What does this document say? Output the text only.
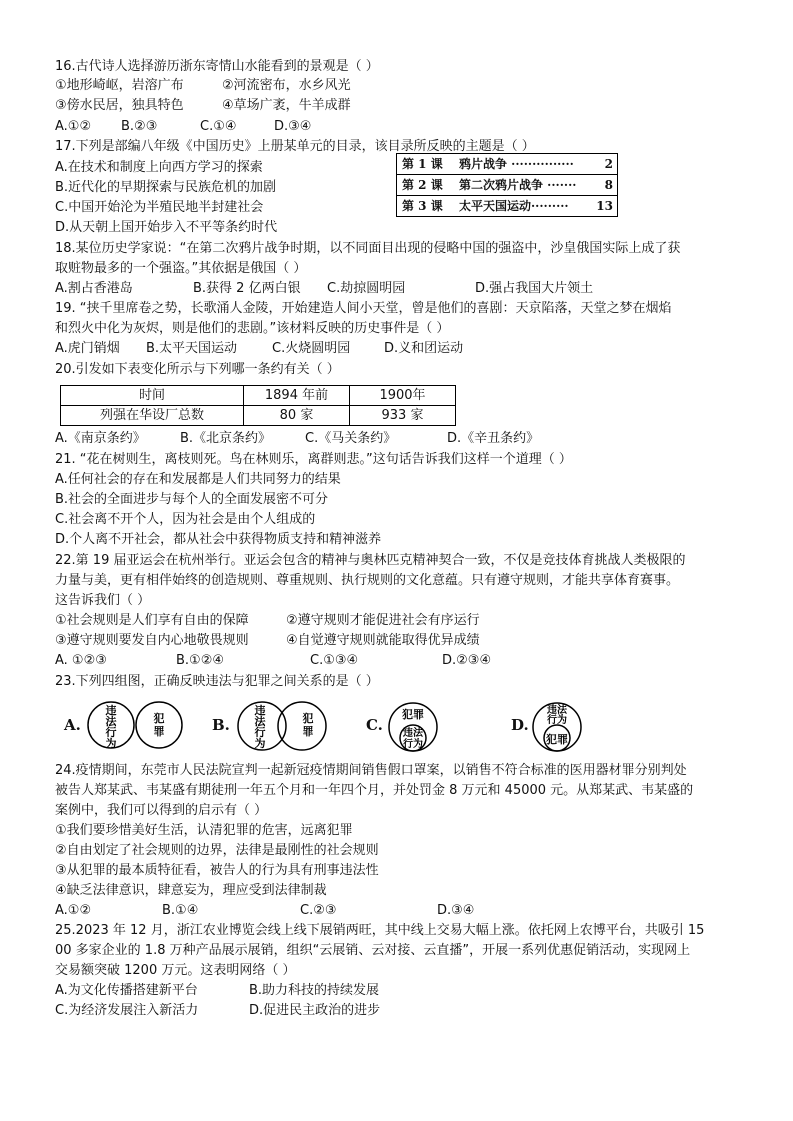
16.古代诗人选择游历浙东寄情山水能看到的景观是（ ）
①地形崎岖，岩溶广布	②河流密布，水乡风光
③傍水民居，独具特色	④草场广袤，牛羊成群
A.①② B.②③	C.①④	D.③④
17.下列是部编八年级《中国历史》上册某单元的目录，该目录所反映的主题是（ ）
A.在技术和制度上向西方学习的探索
B.近代化的早期探索与民族危机的加剧
C.中国开始沦为半殖民地半封建社会
D.从天朝上国开始步入不平等条约时代
第 1 课 鸦片战争 ···············	2
第 2 课 第二次鸦片战争 ······· 8
第 3 课 太平天国运动········· 13
18.某位历史学家说：“在第二次鸦片战争时期，以不同面目出现的侵略中国的强盗中，沙皇俄国实际上成了获
取赃物最多的一个强盗。”其依据是俄国（ ）
A.割占香港岛	B.获得 2 亿两白银 C.劫掠圆明园	D.强占我国大片领土
19. “挟千里席卷之势，长歌涌人金陵，开始建造人间小天堂，曾是他们的喜剧：天京陷落，天堂之梦在烟焰
和烈火中化为灰烬，则是他们的悲剧。”该材料反映的历史事件是（ ）
A.虎门销烟 B.太平天国运动	C.火烧圆明园	D.义和团运动
20.引发如下表变化所示与下列哪一条约有关（ ）
时间	1894 年前	1900年
列强在华设厂总数	80 家	933 家
A.《南京条约》	B.《北京条约》	C.《马关条约》	D.《辛丑条约》
21. “花在树则生，离枝则死。鸟在林则乐，离群则悲。”这句话告诉我们这样一个道理（ ）
A.任何社会的存在和发展都是人们共同努力的结果
B.社会的全面进步与每个人的全面发展密不可分
C.社会离不开个人，因为社会是由个人组成的
D.个人离不开社会，都从社会中获得物质支持和精神滋养
22.第 19 届亚运会在杭州举行。亚运会包含的精神与奥林匹克精神契合一致，不仅是竞技体育挑战人类极限的
力量与美，更有相伴始终的创造规则、尊重规则、执行规则的文化意蕴。只有遵守规则，才能共享体育赛事。
这告诉我们（ ）
①社会规则是人们享有自由的保障	②遵守规则才能促进社会有序运行
③遵守规则要发自内心地敬畏规则	④自觉遵守规则就能取得优异成绩
A. ①②③	B.①②④	C.①③④	D.②③④
23.下列四组图，正确反映违法与犯罪之间关系的是（ ）
A.
违法行为
犯罪	B.
违法行为
犯罪	C.
犯罪
违法行为
D.
违法行为
犯罪
24.疫情期间，东莞市人民法院宣判一起新冠疫情期间销售假口罩案，以销售不符合标准的医用器材罪分别判处
被告人郑某武、韦某盛有期徒刑一年五个月和一年四个月，并处罚金 8 万元和 45000 元。从郑某武、韦某盛的
案例中，我们可以得到的启示有（ ）
①我们要珍惜美好生活，认清犯罪的危害，远离犯罪
②自由划定了社会规则的边界，法律是最刚性的社会规则
③从犯罪的最本质特征看，被告人的行为具有刑事违法性
④缺乏法律意识，肆意妄为，理应受到法律制裁
A.①②	B.①④	C.②③	D.③④
25.2023 年 12 月，浙江农业博览会线上线下展销两旺，其中线上交易大幅上涨。依托网上农博平台，共吸引 15
00 多家企业的 1.8 万种产品展示展销，组织“云展销、云对接、云直播”，开展一系列优惠促销活动，实现网上
交易额突破 1200 万元。这表明网络（ ）
A.为文化传播搭建新平台	B.助力科技的持续发展
C.为经济发展注入新活力	D.促进民主政治的进步
